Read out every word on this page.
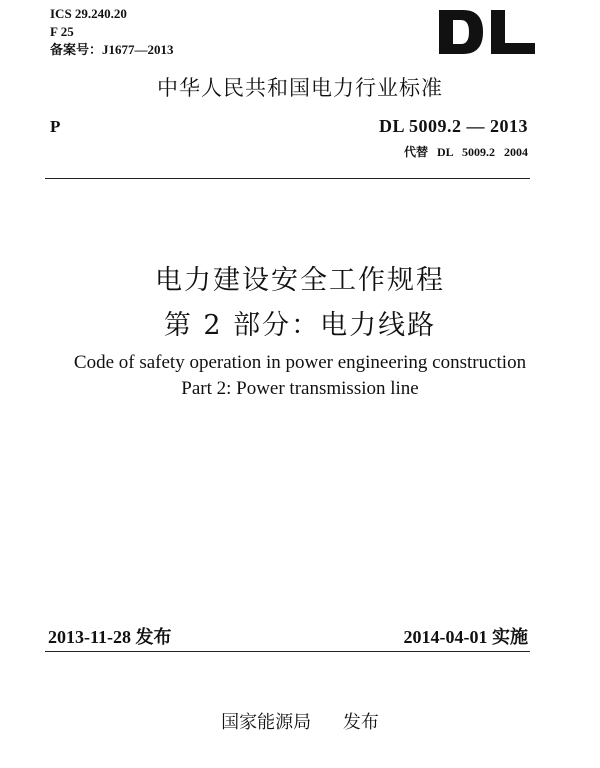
ICS 29.240.20
F 25
备案号：J1677—2013
中华人民共和国电力行业标准
P	DL 5009.2 — 2013
代替 DL 5009.2 2004
电力建设安全工作规程
第 2 部分：电力线路
Code of safety operation in power engineering construction
Part 2: Power transmission line
2013-11-28 发布	2014-04-01 实施
国家能源局 发布
